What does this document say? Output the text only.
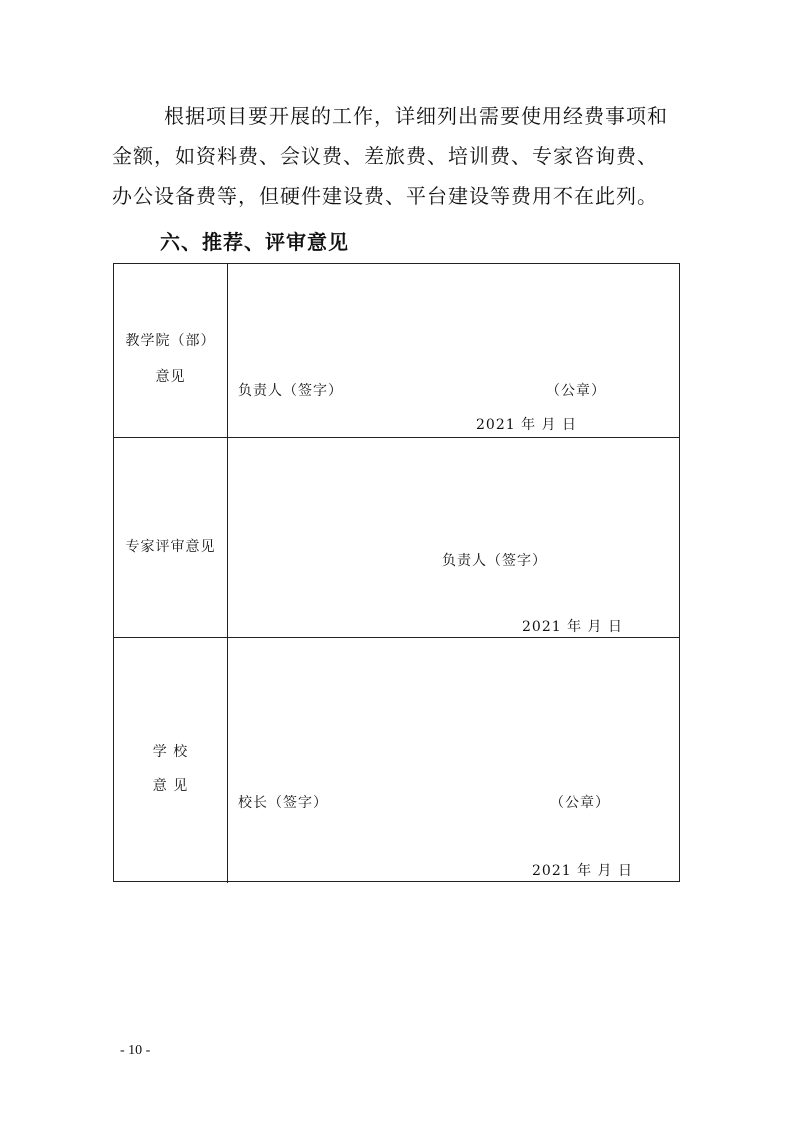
根据项目要开展的工作，详细列出需要使用经费事项和
金额，如资料费、会议费、差旅费、培训费、专家咨询费、
办公设备费等，但硬件建设费、平台建设等费用不在此列。
六、推荐、评审意见
教学院（部）
意见
负责人（签字）	（公章）
2021 年 月 日
专家评审意见
负责人（签字）
2021 年 月 日
学 校
意 见
校长（签字）	（公章）
2021 年 月 日
- 10 -
